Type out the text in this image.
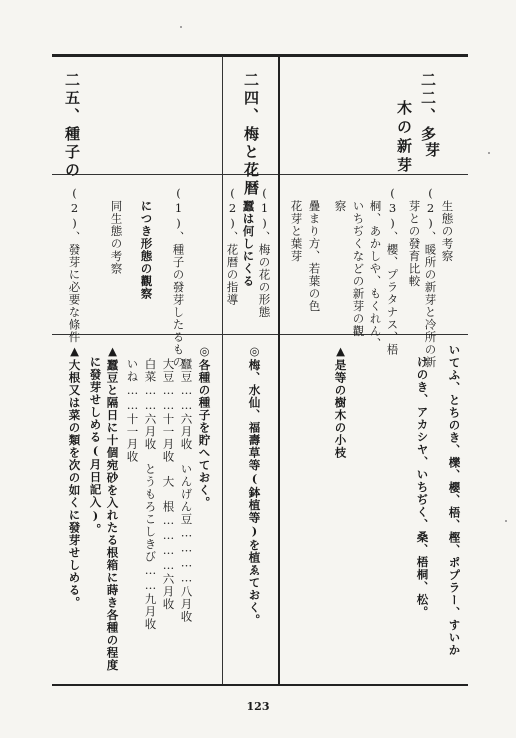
二二、多
芽
木の新芽
生態の考察
(2)、暖所の新芽と冷所の新
芽との發育比較
(3)、櫻、プラタナス、梧
桐、あかしや、もくれん、
いちぢくなどの新芽の觀
察
疊まり方、若葉の色
花芽と葉芽
いてふ、とちのき、櫟、櫻、梧、樫、ポプラー、すいか
けのき、アカシヤ、いちぢく、桑、梧桐、松。
▲是等の樹木の小枝
二四、梅と花暦
(1)、梅の花の形態
蠶は何しにくる
(2)、花暦の指導
◎梅、水仙、福壽草等(鉢植等)を植ゑておく。
二五、種子の
(1)、種子の發芽したるもの
につき形態の觀察
同生態の考察
(2)、發芽に必要な條件
◎各種の種子を貯へておく。
蠶豆……六月收　いんげん豆…………八月收
大豆……十一月收　大　根…………六月收
白菜……六月收　とうもろこしきび……九月收
いね……十一月收
▲蠶豆と隔日に十個宛砂を入れたる根箱に蒔き各種の程度
に發芽せしめる(月日記入)。
▲大根又は菜の類を次の如くに發芽せしめる。
123
